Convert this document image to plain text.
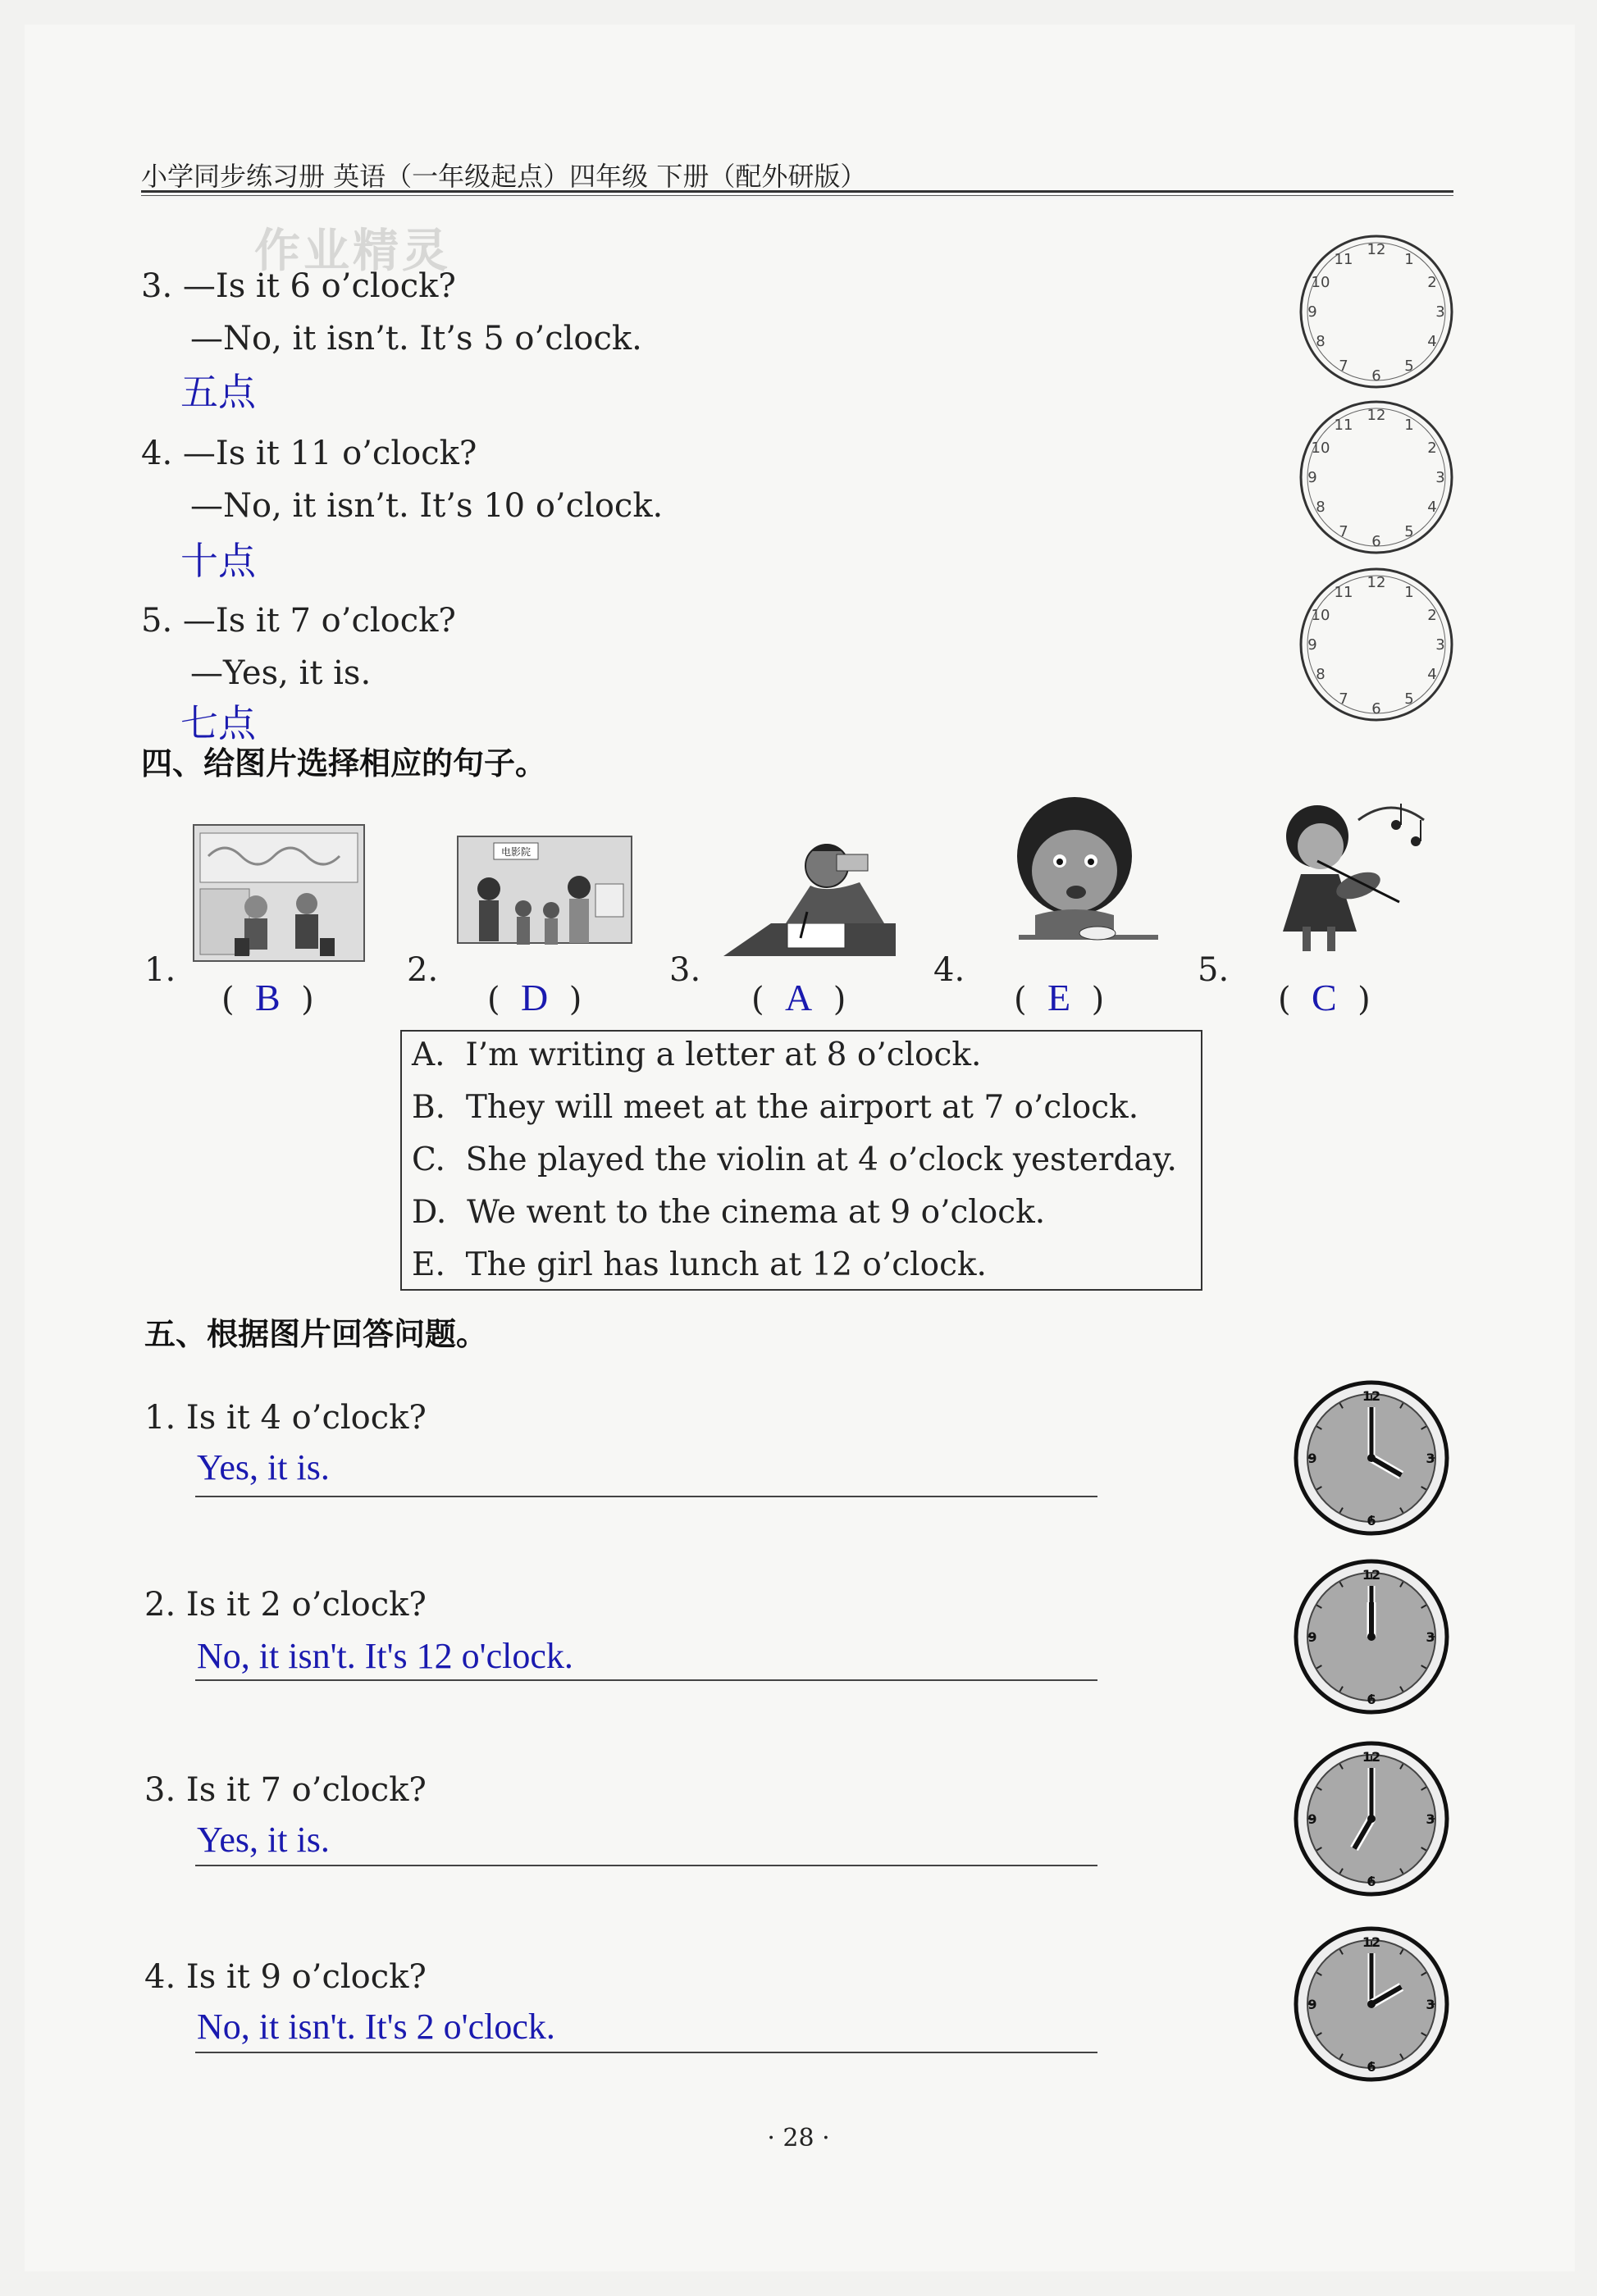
小学同步练习册 英语（一年级起点）四年级 下册（配外研版）
作业精灵
3. —Is it 6 o’clock?
—No, it isn’t. It’s 5 o’clock.
五点
4. —Is it 11 o’clock?
—No, it isn’t. It’s 10 o’clock.
十点
5. —Is it 7 o’clock?
—Yes, it is.
七点
12
1
2
3
4
5
6
7
8
9
10
11
12
1
2
3
4
5
6
7
8
9
10
11
12
1
2
3
4
5
6
7
8
9
10
11
四、给图片选择相应的句子。
1.
(  B  )
电影院
2.
(  D  )
3.
(  A  )
4.
(  E  )
5.
(  C  )
A.  I’m writing a letter at 8 o’clock.
B.  They will meet at the airport at 7 o’clock.
C.  She played the violin at 4 o’clock yesterday.
D.  We went to the cinema at 9 o’clock.
E.  The girl has lunch at 12 o’clock.
五、根据图片回答问题。
1. Is it 4 o’clock?
Yes, it is.
2. Is it 2 o’clock?
No, it isn't. It's 12 o'clock.
3. Is it 7 o’clock?
Yes, it is.
4. Is it 9 o’clock?
No, it isn't. It's 2 o'clock.
12
3
6
9
12
3
6
9
12
3
6
9
12
3
6
9
· 28 ·
